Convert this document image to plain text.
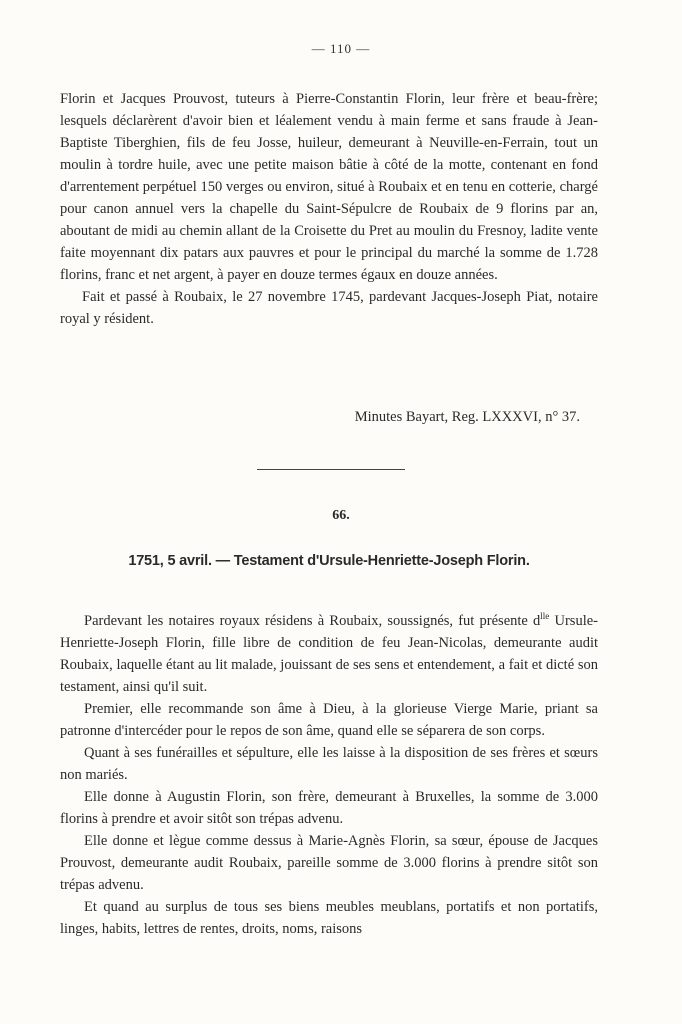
— 110 —

Florin et Jacques Prouvost, tuteurs à Pierre-Constantin Florin, leur frère et beau-frère; lesquels déclarèrent d'avoir bien et léalement vendu à main ferme et sans fraude à Jean-Baptiste Tiberghien, fils de feu Josse, huileur, demeurant à Neuville-en-Ferrain, tout un moulin à tordre huile, avec une petite maison bâtie à côté de la motte, contenant en fond d'arrentement perpétuel 150 verges ou environ, situé à Roubaix et en tenu en cotterie, chargé pour canon annuel vers la chapelle du Saint-Sépulcre de Roubaix de 9 florins par an, aboutant de midi au chemin allant de la Croisette du Pret au moulin du Fresnoy, ladite vente faite moyennant dix patars aux pauvres et pour le principal du marché la somme de 1.728 florins, franc et net argent, à payer en douze termes égaux en douze années.

Fait et passé à Roubaix, le 27 novembre 1745, pardevant Jacques-Joseph Piat, notaire royal y résident.

Minutes Bayart, Reg. LXXXVI, n° 37.
66.
1751, 5 avril. — Testament d'Ursule-Henriette-Joseph Florin.

Pardevant les notaires royaux résidens à Roubaix, soussignés, fut présente $d^{lle}$ Ursule-Henriette-Joseph Florin, fille libre de condition de feu Jean-Nicolas, demeurante audit Roubaix, laquelle étant au lit malade, jouissant de ses sens et entendement, a fait et dicté son testament, ainsi qu'il suit.

Premier, elle recommande son âme à Dieu, à la glorieuse Vierge Marie, priant sa patronne d'intercéder pour le repos de son âme, quand elle se séparera de son corps.

Quant à ses funérailles et sépulture, elle les laisse à la disposition de ses frères et sœurs non mariés.

Elle donne à Augustin Florin, son frère, demeurant à Bruxelles, la somme de 3.000 florins à prendre et avoir sitôt son trépas advenu.

Elle donne et lègue comme dessus à Marie-Agnès Florin, sa sœur, épouse de Jacques Prouvost, demeurante audit Roubaix, pareille somme de 3.000 florins à prendre sitôt son trépas advenu.

Et quand au surplus de tous ses biens meubles meublans, portatifs et non portatifs, linges, habits, lettres de rentes, droits, noms, raisons
